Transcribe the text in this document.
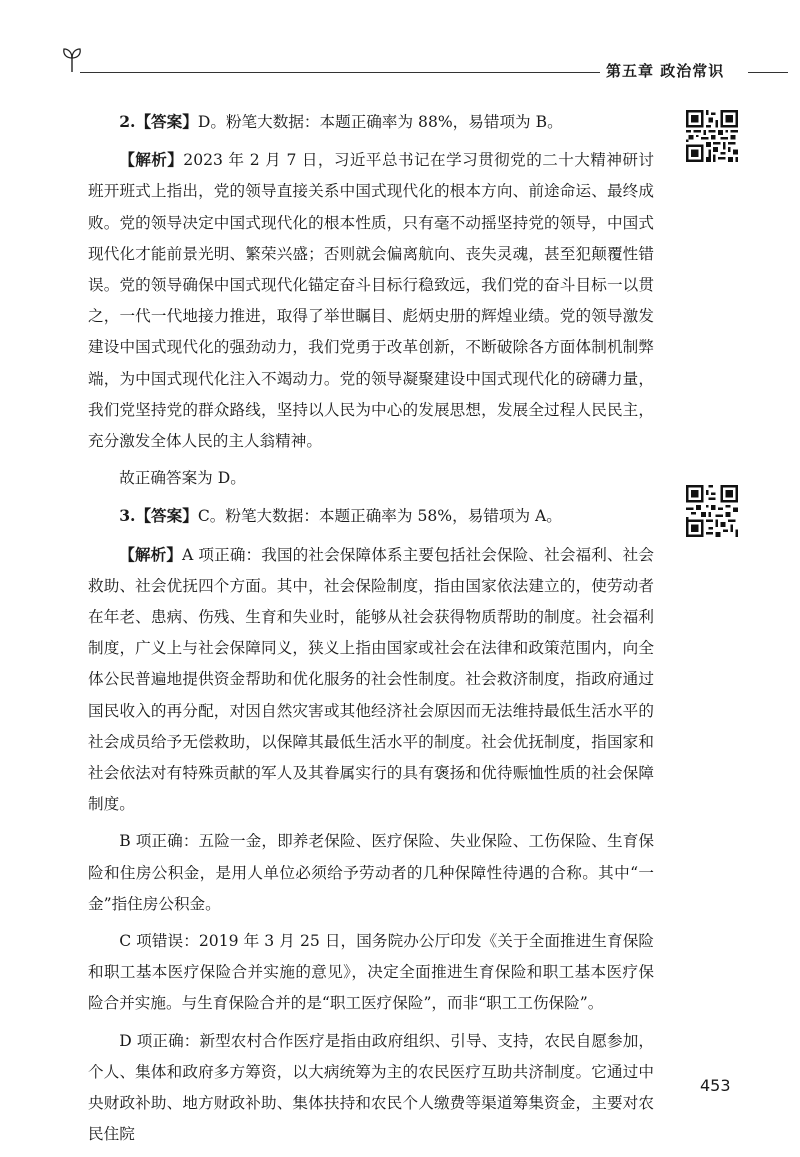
第五章 政治常识

2.【答案】D。粉笔大数据：本题正确率为 88%，易错项为 B。

【解析】2023 年 2 月 7 日，习近平总书记在学习贯彻党的二十大精神研讨班开班式上指出，党的领导直接关系中国式现代化的根本方向、前途命运、最终成败。党的领导决定中国式现代化的根本性质，只有毫不动摇坚持党的领导，中国式现代化才能前景光明、繁荣兴盛；否则就会偏离航向、丧失灵魂，甚至犯颠覆性错误。党的领导确保中国式现代化锚定奋斗目标行稳致远，我们党的奋斗目标一以贯之，一代一代地接力推进，取得了举世瞩目、彪炳史册的辉煌业绩。党的领导激发建设中国式现代化的强劲动力，我们党勇于改革创新，不断破除各方面体制机制弊端，为中国式现代化注入不竭动力。党的领导凝聚建设中国式现代化的磅礴力量，我们党坚持党的群众路线，坚持以人民为中心的发展思想，发展全过程人民民主，充分激发全体人民的主人翁精神。

故正确答案为 D。

3.【答案】C。粉笔大数据：本题正确率为 58%，易错项为 A。

【解析】A 项正确：我国的社会保障体系主要包括社会保险、社会福利、社会救助、社会优抚四个方面。其中，社会保险制度，指由国家依法建立的，使劳动者在年老、患病、伤残、生育和失业时，能够从社会获得物质帮助的制度。社会福利制度，广义上与社会保障同义，狭义上指由国家或社会在法律和政策范围内，向全体公民普遍地提供资金帮助和优化服务的社会性制度。社会救济制度，指政府通过国民收入的再分配，对因自然灾害或其他经济社会原因而无法维持最低生活水平的社会成员给予无偿救助，以保障其最低生活水平的制度。社会优抚制度，指国家和社会依法对有特殊贡献的军人及其眷属实行的具有褒扬和优待赈恤性质的社会保障制度。

B 项正确：五险一金，即养老保险、医疗保险、失业保险、工伤保险、生育保险和住房公积金，是用人单位必须给予劳动者的几种保障性待遇的合称。其中“一金”指住房公积金。

C 项错误：2019 年 3 月 25 日，国务院办公厅印发《关于全面推进生育保险和职工基本医疗保险合并实施的意见》，决定全面推进生育保险和职工基本医疗保险合并实施。与生育保险合并的是“职工医疗保险”，而非“职工工伤保险”。

D 项正确：新型农村合作医疗是指由政府组织、引导、支持，农民自愿参加，个人、集体和政府多方筹资，以大病统筹为主的农民医疗互助共济制度。它通过中央财政补助、地方财政补助、集体扶持和农民个人缴费等渠道筹集资金，主要对农民住院

453
